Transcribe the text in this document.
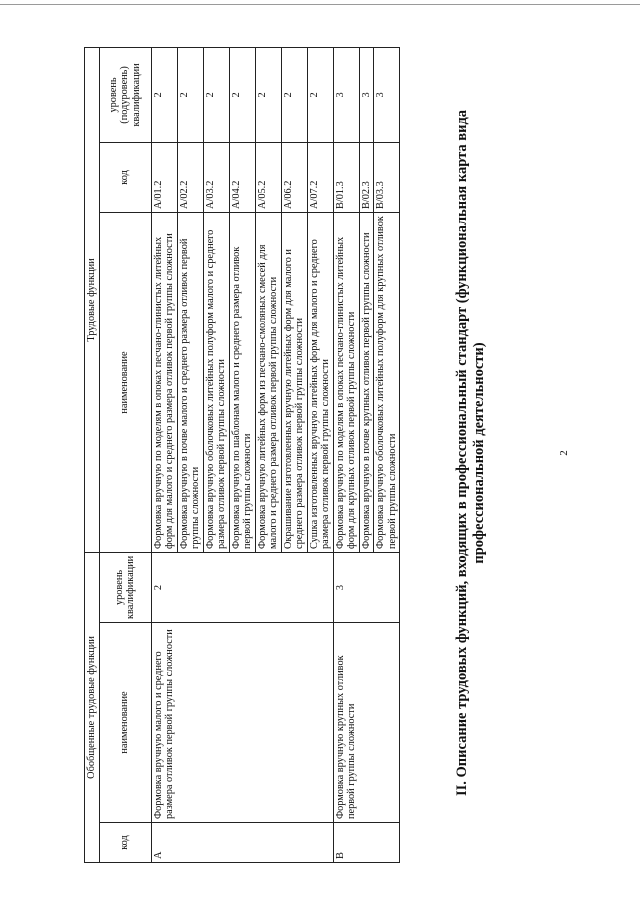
2
II. Описание трудовых функций, входящих в профессиональный стандарт (функциональная карта вида профессиональной деятельности)
Обобщенные трудовые функции			Трудовые функции		
код	наименование	уровень квалификации	наименование	код	уровень (подуровень) квалификации
А	Формовка вручную малого и среднего размера отливок первой группы сложности	2	Формовка вручную по моделям в опоках песчано-глинистых литейных форм для малого и среднего размера отливок первой группы сложности	A/01.2	2
			Формовка вручную в почве малого и среднего размера отливок первой группы сложности	A/02.2	2
			Формовка вручную оболочковых литейных полуформ малого и среднего размера отливок первой группы сложности	A/03.2	2
			Формовка вручную по шаблонам малого и среднего размера отливок первой группы сложности	A/04.2	2
			Формовка вручную литейных форм из песчано-смоляных смесей для малого и среднего размера отливок первой группы сложности	A/05.2	2
			Окрашивание изготовленных вручную литейных форм для малого и среднего размера отливок первой группы сложности	A/06.2	2
			Сушка изготовленных вручную литейных форм для малого и среднего размера отливок первой группы сложности	A/07.2	2
В	Формовка вручную крупных отливок первой группы сложности	3	Формовка вручную по моделям в опоках песчано-глинистых литейных форм для крупных отливок первой группы сложности	B/01.3	3
			Формовка вручную в почве крупных отливок первой группы сложности	B/02.3	3
			Формовка вручную оболочковых литейных полуформ для крупных отливок первой группы сложности	B/03.3	3
